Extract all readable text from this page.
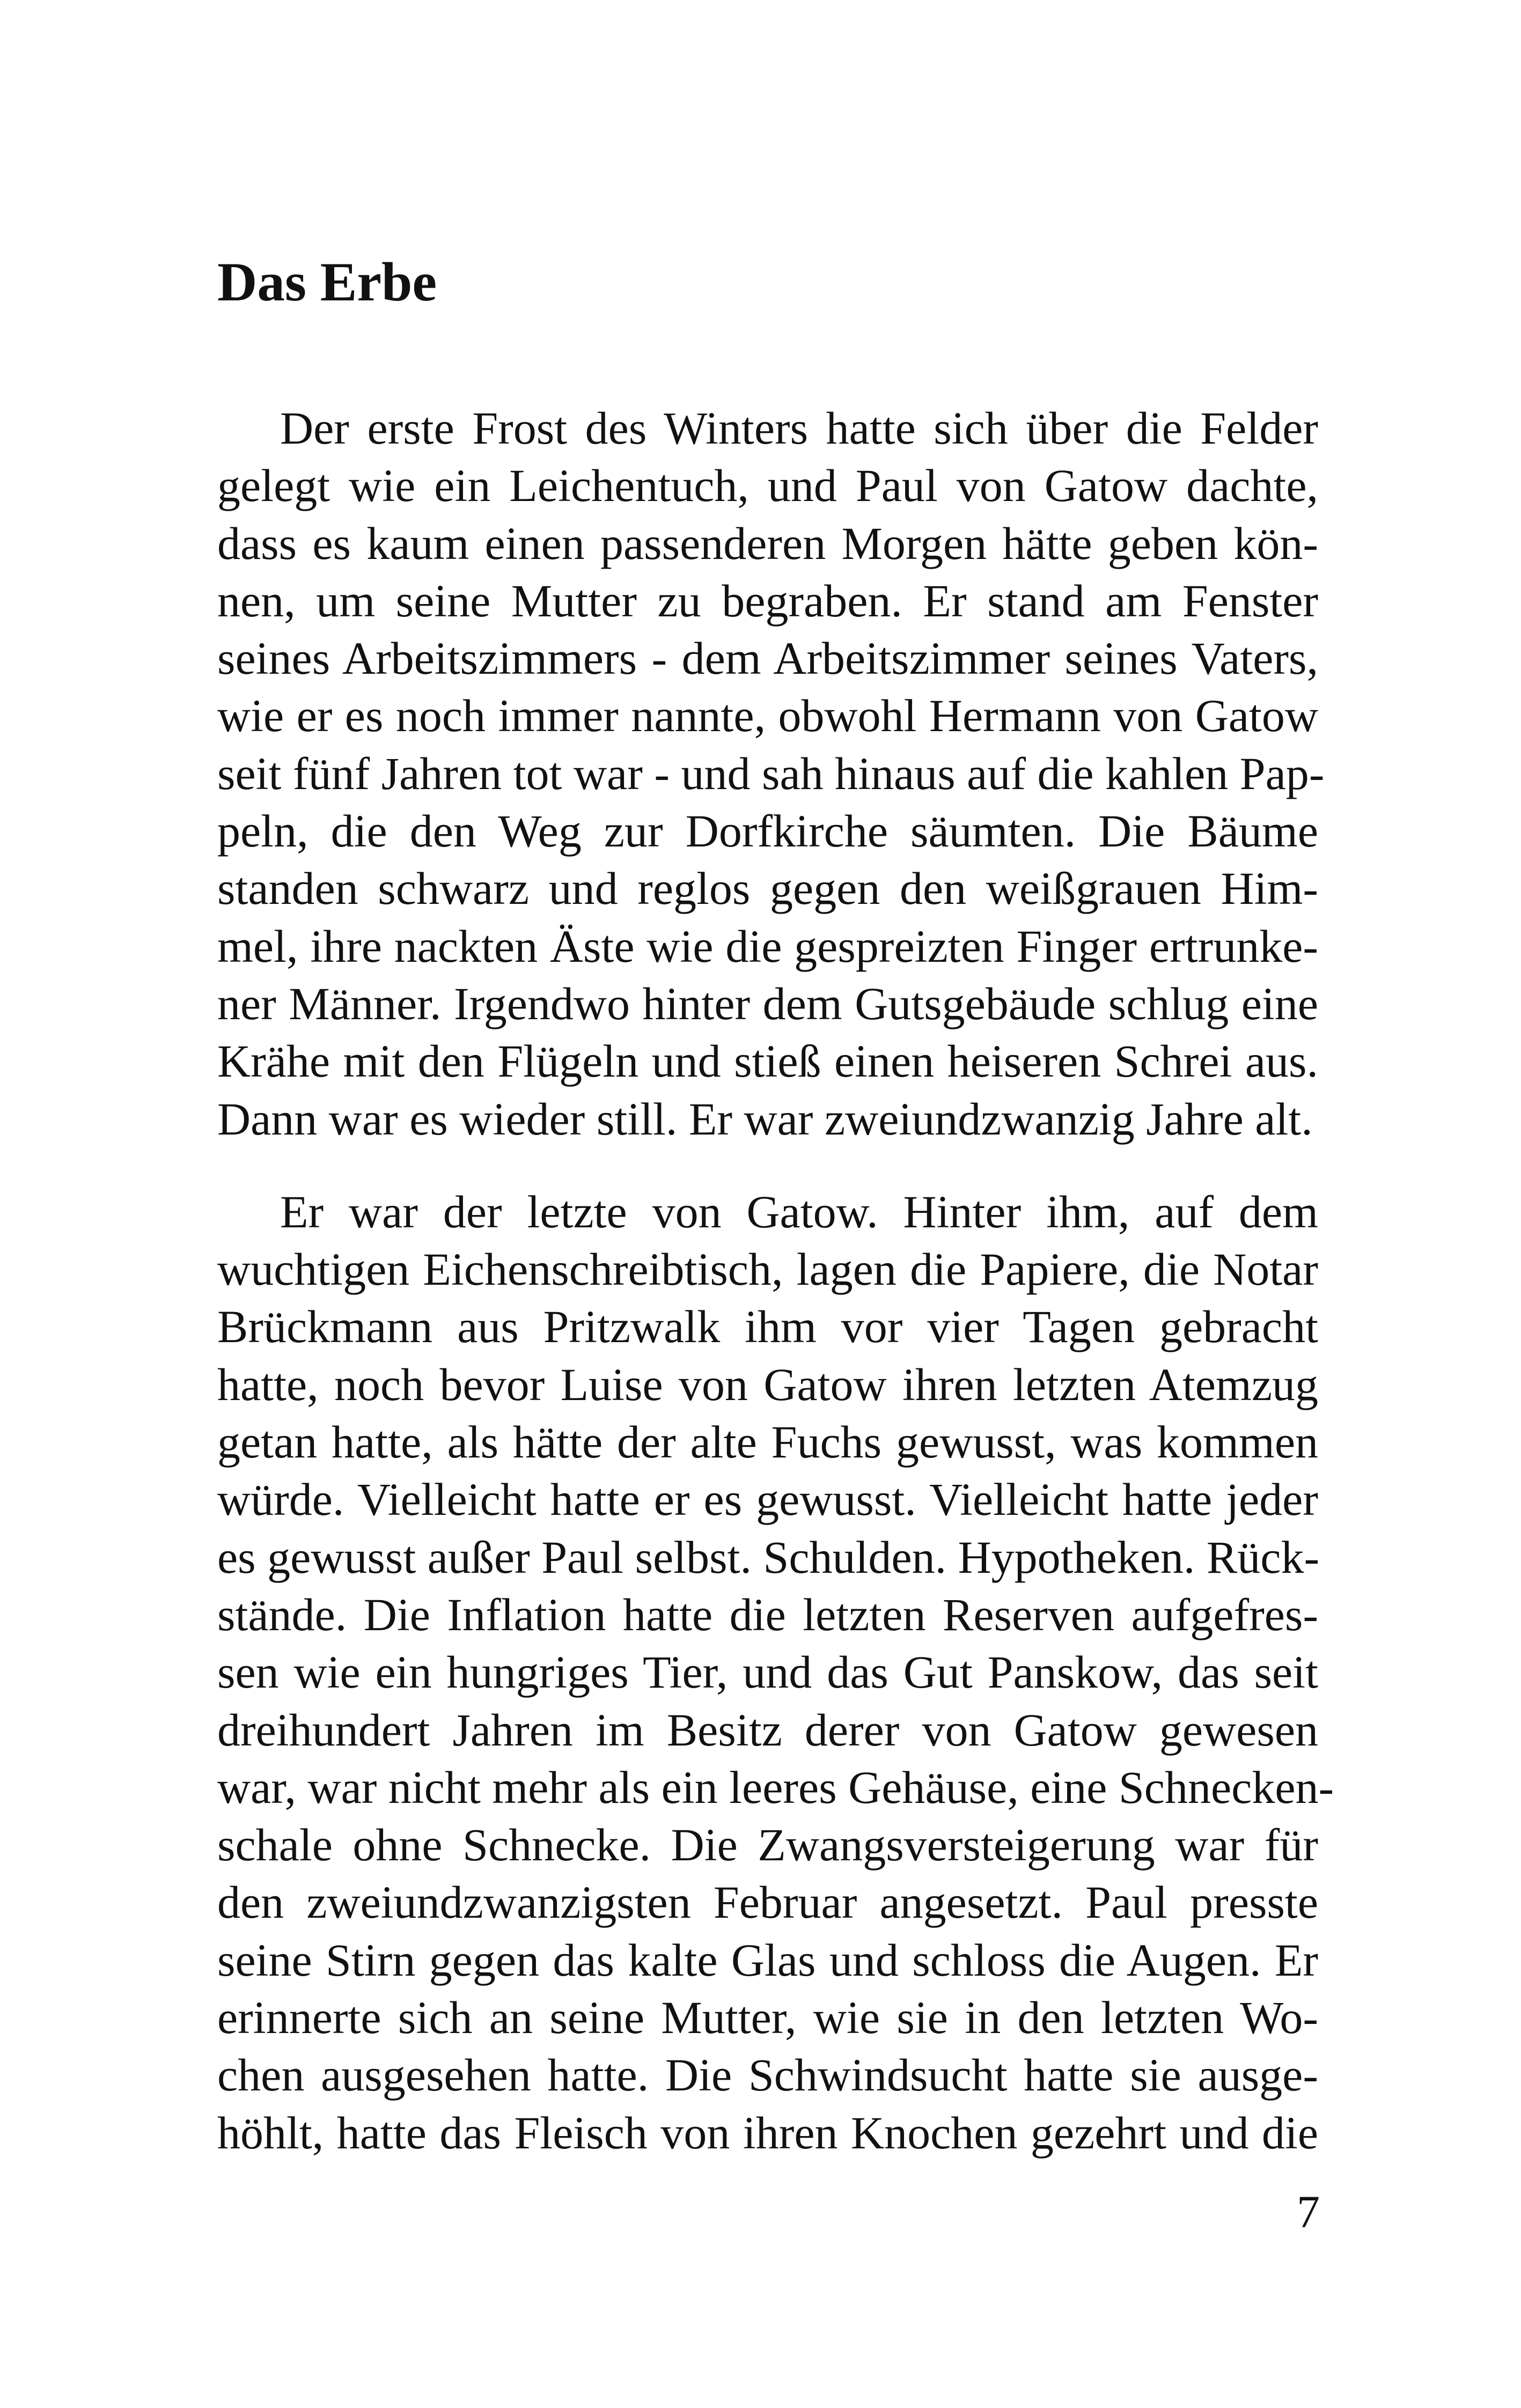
Das Erbe

Der erste Frost des Winters hatte sich über die Felder
gelegt wie ein Leichentuch, und Paul von Gatow dachte,
dass es kaum einen passenderen Morgen hätte geben kön-
nen, um seine Mutter zu begraben. Er stand am Fenster
seines Arbeitszimmers - dem Arbeitszimmer seines Vaters,
wie er es noch immer nannte, obwohl Hermann von Gatow
seit fünf Jahren tot war - und sah hinaus auf die kahlen Pap-
peln, die den Weg zur Dorfkirche säumten. Die Bäume
standen schwarz und reglos gegen den weißgrauen Him-
mel, ihre nackten Äste wie die gespreizten Finger ertrunke-
ner Männer. Irgendwo hinter dem Gutsgebäude schlug eine
Krähe mit den Flügeln und stieß einen heiseren Schrei aus.
Dann war es wieder still. Er war zweiundzwanzig Jahre alt.

Er war der letzte von Gatow. Hinter ihm, auf dem
wuchtigen Eichenschreibtisch, lagen die Papiere, die Notar
Brückmann aus Pritzwalk ihm vor vier Tagen gebracht
hatte, noch bevor Luise von Gatow ihren letzten Atemzug
getan hatte, als hätte der alte Fuchs gewusst, was kommen
würde. Vielleicht hatte er es gewusst. Vielleicht hatte jeder
es gewusst außer Paul selbst. Schulden. Hypotheken. Rück-
stände. Die Inflation hatte die letzten Reserven aufgefres-
sen wie ein hungriges Tier, und das Gut Panskow, das seit
dreihundert Jahren im Besitz derer von Gatow gewesen
war, war nicht mehr als ein leeres Gehäuse, eine Schnecken-
schale ohne Schnecke. Die Zwangsversteigerung war für
den zweiundzwanzigsten Februar angesetzt. Paul presste
seine Stirn gegen das kalte Glas und schloss die Augen. Er
erinnerte sich an seine Mutter, wie sie in den letzten Wo-
chen ausgesehen hatte. Die Schwindsucht hatte sie ausge-
höhlt, hatte das Fleisch von ihren Knochen gezehrt und die

7
